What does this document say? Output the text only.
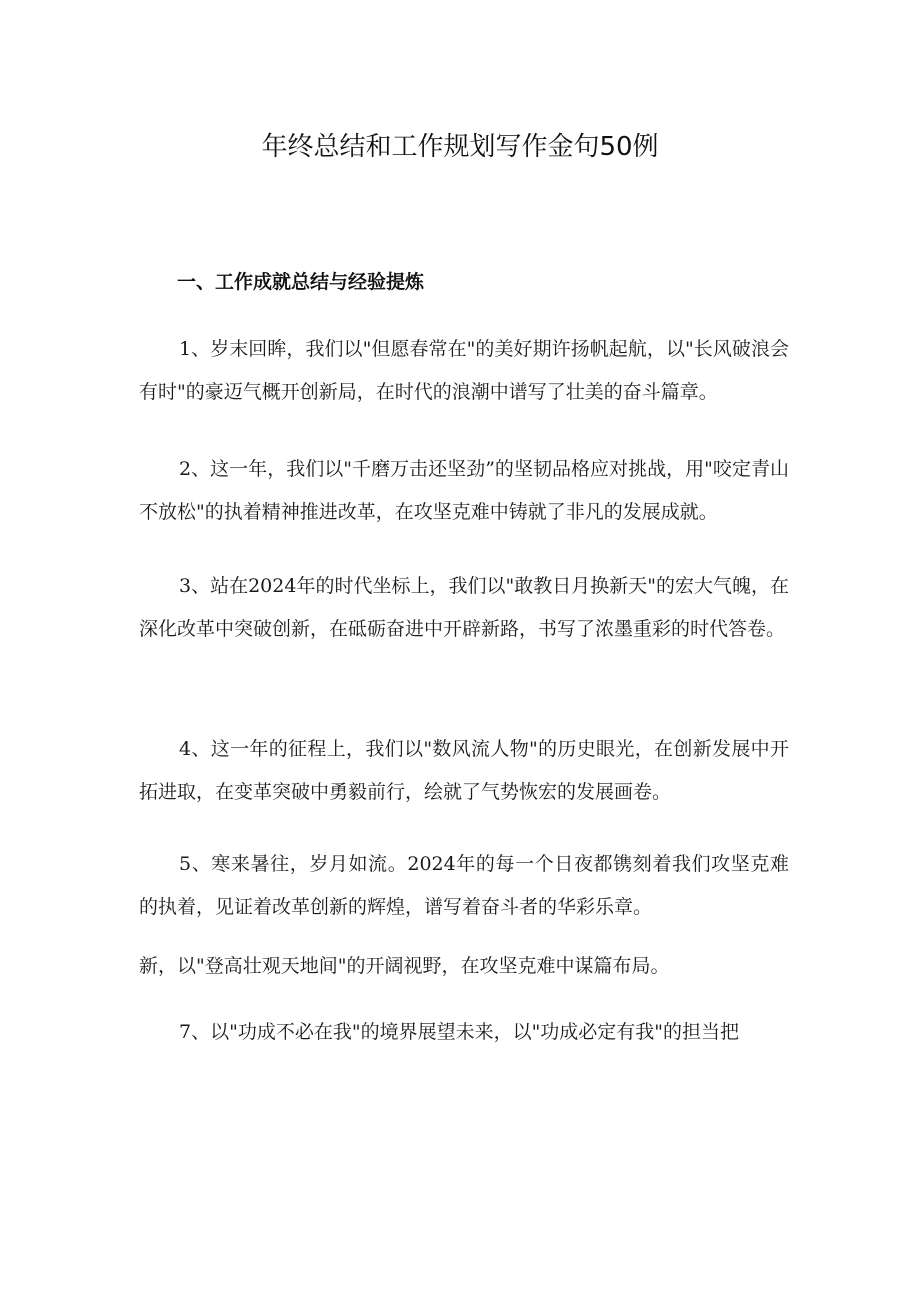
年终总结和工作规划写作金句50例
一、工作成就总结与经验提炼

1、岁末回眸，我们以"但愿春常在"的美好期许扬帆起航，以"长风破浪会有时"的豪迈气概开创新局，在时代的浪潮中谱写了壮美的奋斗篇章。

2、这一年，我们以"千磨万击还坚劲”的坚韧品格应对挑战，用"咬定青山不放松"的执着精神推进改革，在攻坚克难中铸就了非凡的发展成就。

3、站在2024年的时代坐标上，我们以"敢教日月换新天"的宏大气魄，在深化改革中突破创新，在砥砺奋进中开辟新路，书写了浓墨重彩的时代答卷。

4、这一年的征程上，我们以"数风流人物"的历史眼光，在创新发展中开拓进取，在变革突破中勇毅前行，绘就了气势恢宏的发展画卷。

5、寒来暑往，岁月如流。2024年的每一个日夜都镌刻着我们攻坚克难的执着，见证着改革创新的辉煌，谱写着奋斗者的华彩乐章。

新，以"登高壮观天地间"的开阔视野，在攻坚克难中谋篇布局。

7、以"功成不必在我"的境界展望未来，以"功成必定有我"的担当把
